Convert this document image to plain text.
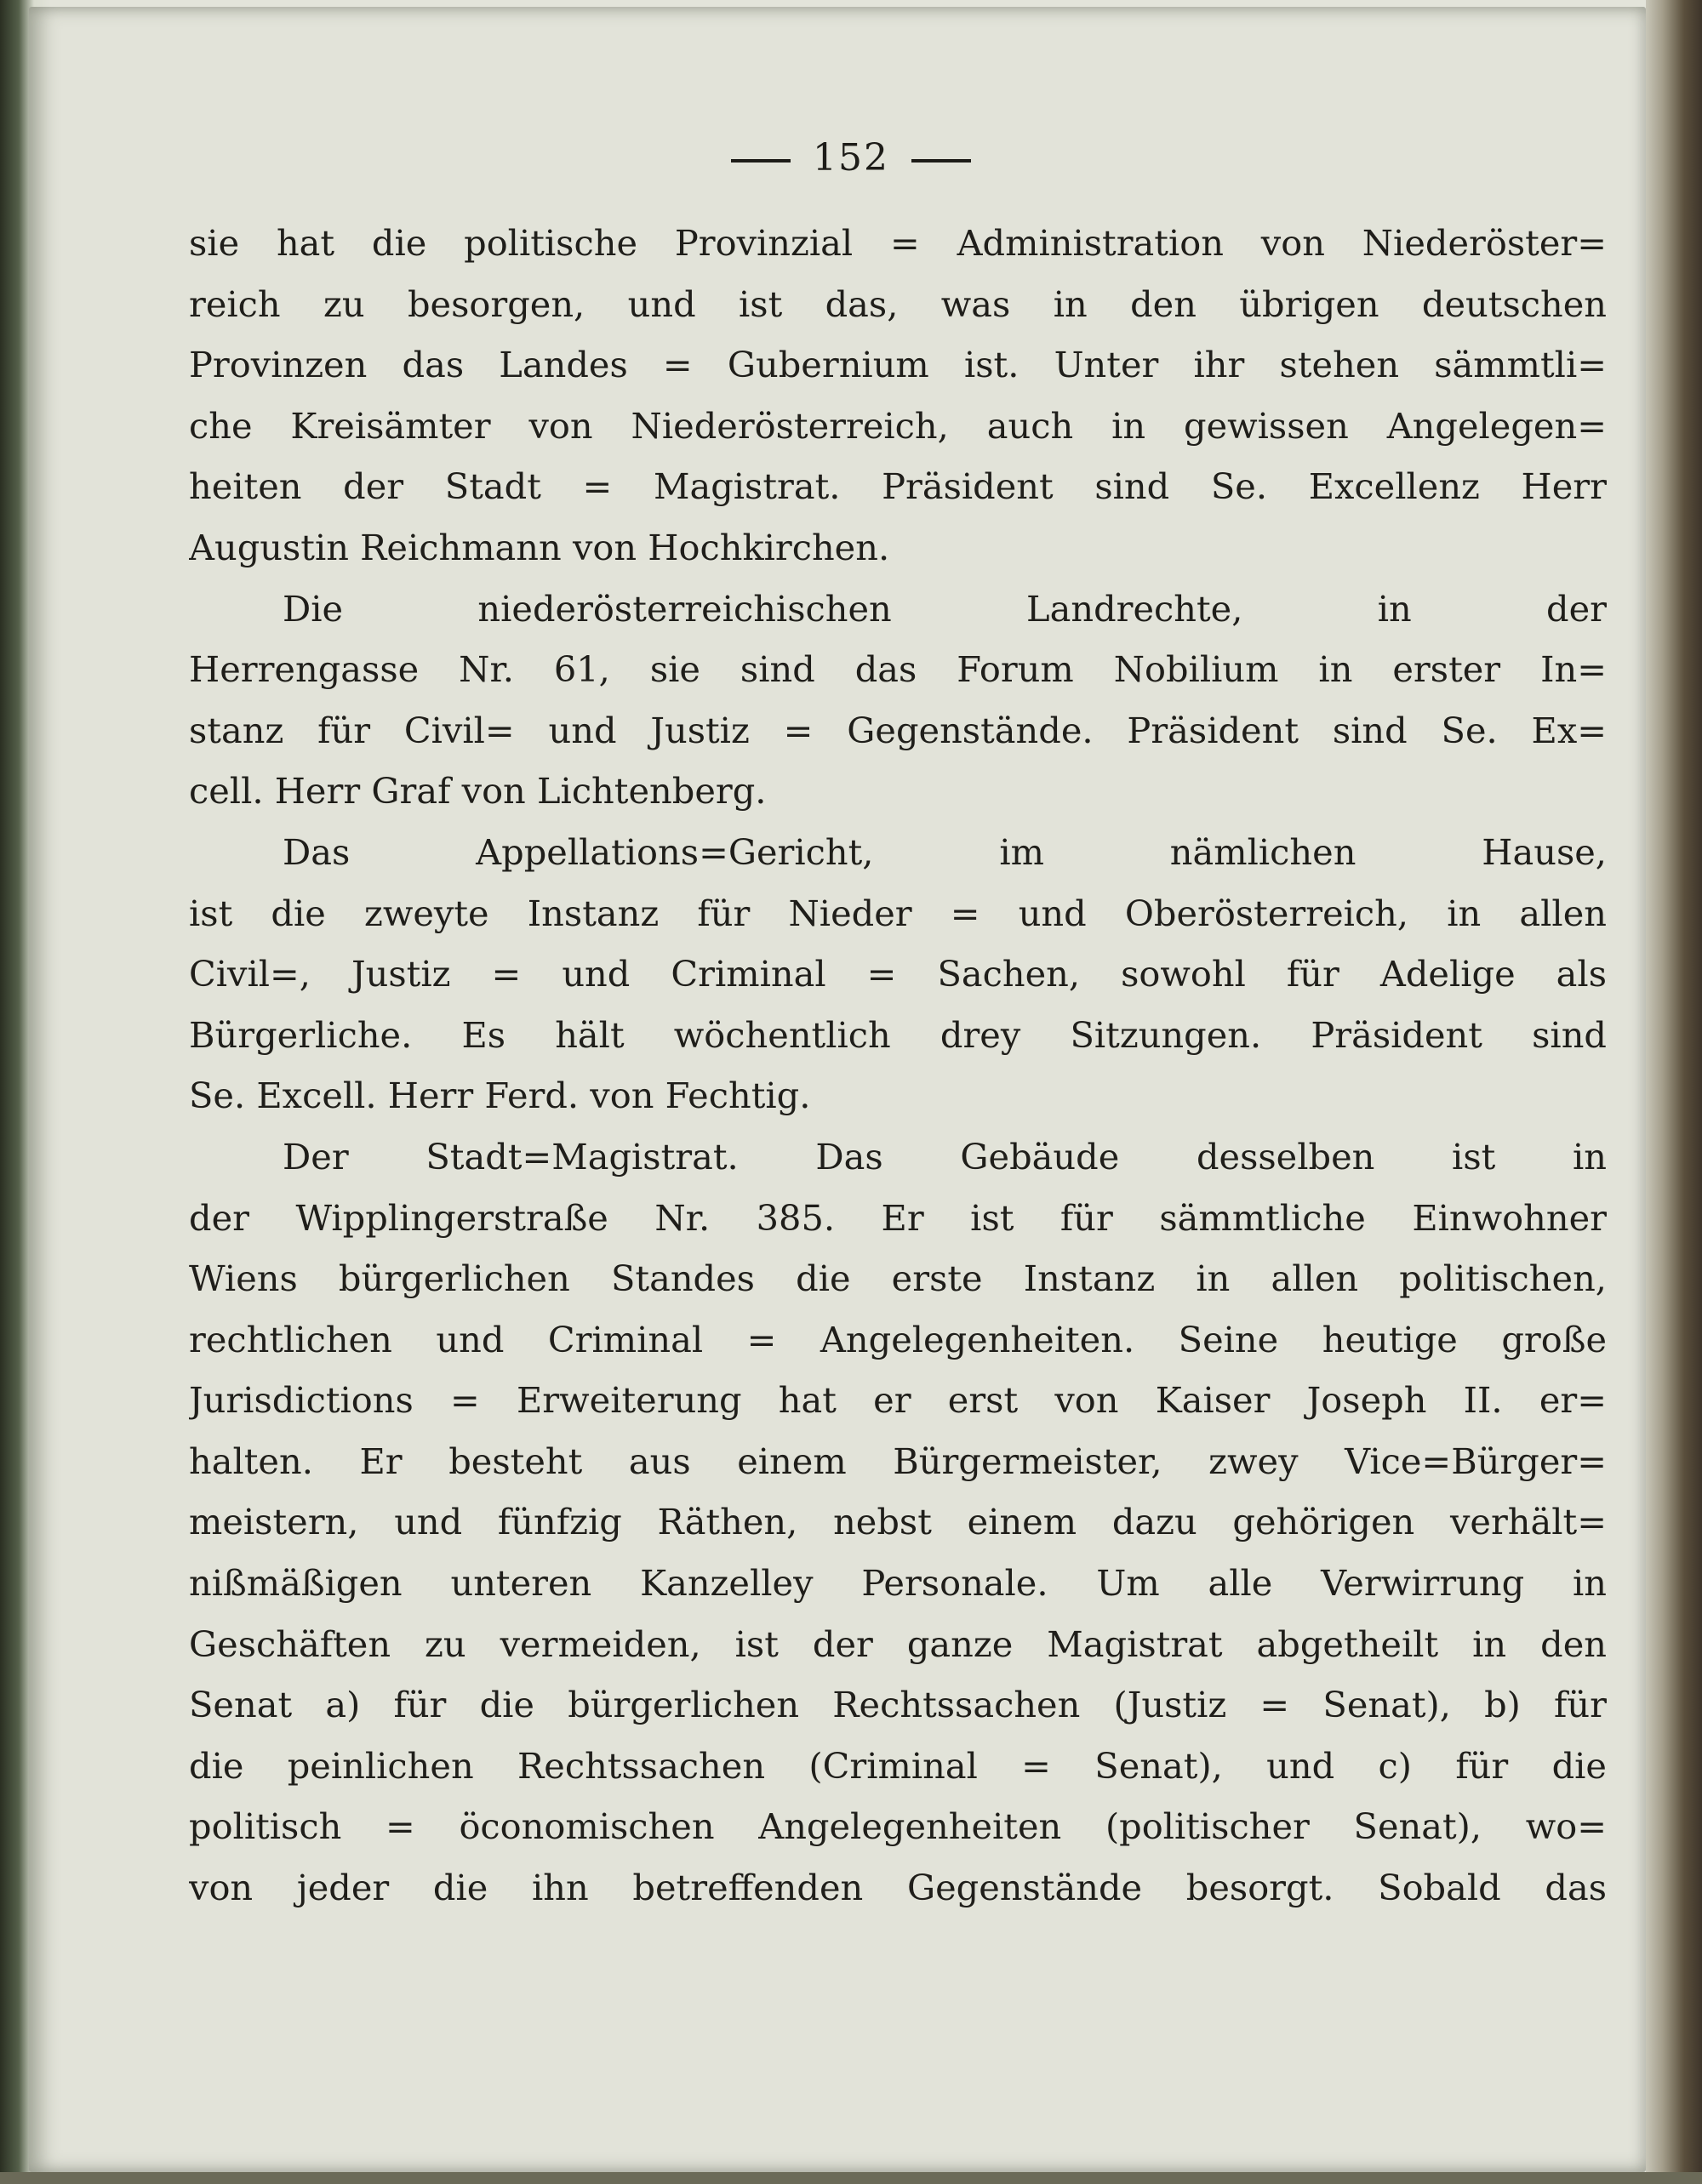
152
sie hat die politische Provinzial = Administration von Niederöster=
reich zu besorgen, und ist das, was in den übrigen deutschen
Provinzen das Landes = Gubernium ist. Unter ihr stehen sämmtli=
che Kreisämter von Niederösterreich, auch in gewissen Angelegen=
heiten der Stadt = Magistrat. Präsident sind Se. Excellenz Herr
Augustin Reichmann von Hochkirchen.
Die niederösterreichischen Landrechte, in der
Herrengasse Nr. 61, sie sind das Forum Nobilium in erster In=
stanz für Civil= und Justiz = Gegenstände. Präsident sind Se. Ex=
cell. Herr Graf von Lichtenberg.
Das Appellations=Gericht, im nämlichen Hause,
ist die zweyte Instanz für Nieder = und Oberösterreich, in allen
Civil=, Justiz = und Criminal = Sachen, sowohl für Adelige als
Bürgerliche. Es hält wöchentlich drey Sitzungen. Präsident sind
Se. Excell. Herr Ferd. von Fechtig.
Der Stadt=Magistrat. Das Gebäude desselben ist in
der Wipplingerstraße Nr. 385. Er ist für sämmtliche Einwohner
Wiens bürgerlichen Standes die erste Instanz in allen politischen,
rechtlichen und Criminal = Angelegenheiten. Seine heutige große
Jurisdictions = Erweiterung hat er erst von Kaiser Joseph II. er=
halten. Er besteht aus einem Bürgermeister, zwey Vice=Bürger=
meistern, und fünfzig Räthen, nebst einem dazu gehörigen verhält=
nißmäßigen unteren Kanzelley Personale. Um alle Verwirrung in
Geschäften zu vermeiden, ist der ganze Magistrat abgetheilt in den
Senat a) für die bürgerlichen Rechtssachen (Justiz = Senat), b) für
die peinlichen Rechtssachen (Criminal = Senat), und c) für die
politisch = öconomischen Angelegenheiten (politischer Senat), wo=
von jeder die ihn betreffenden Gegenstände besorgt. Sobald das
